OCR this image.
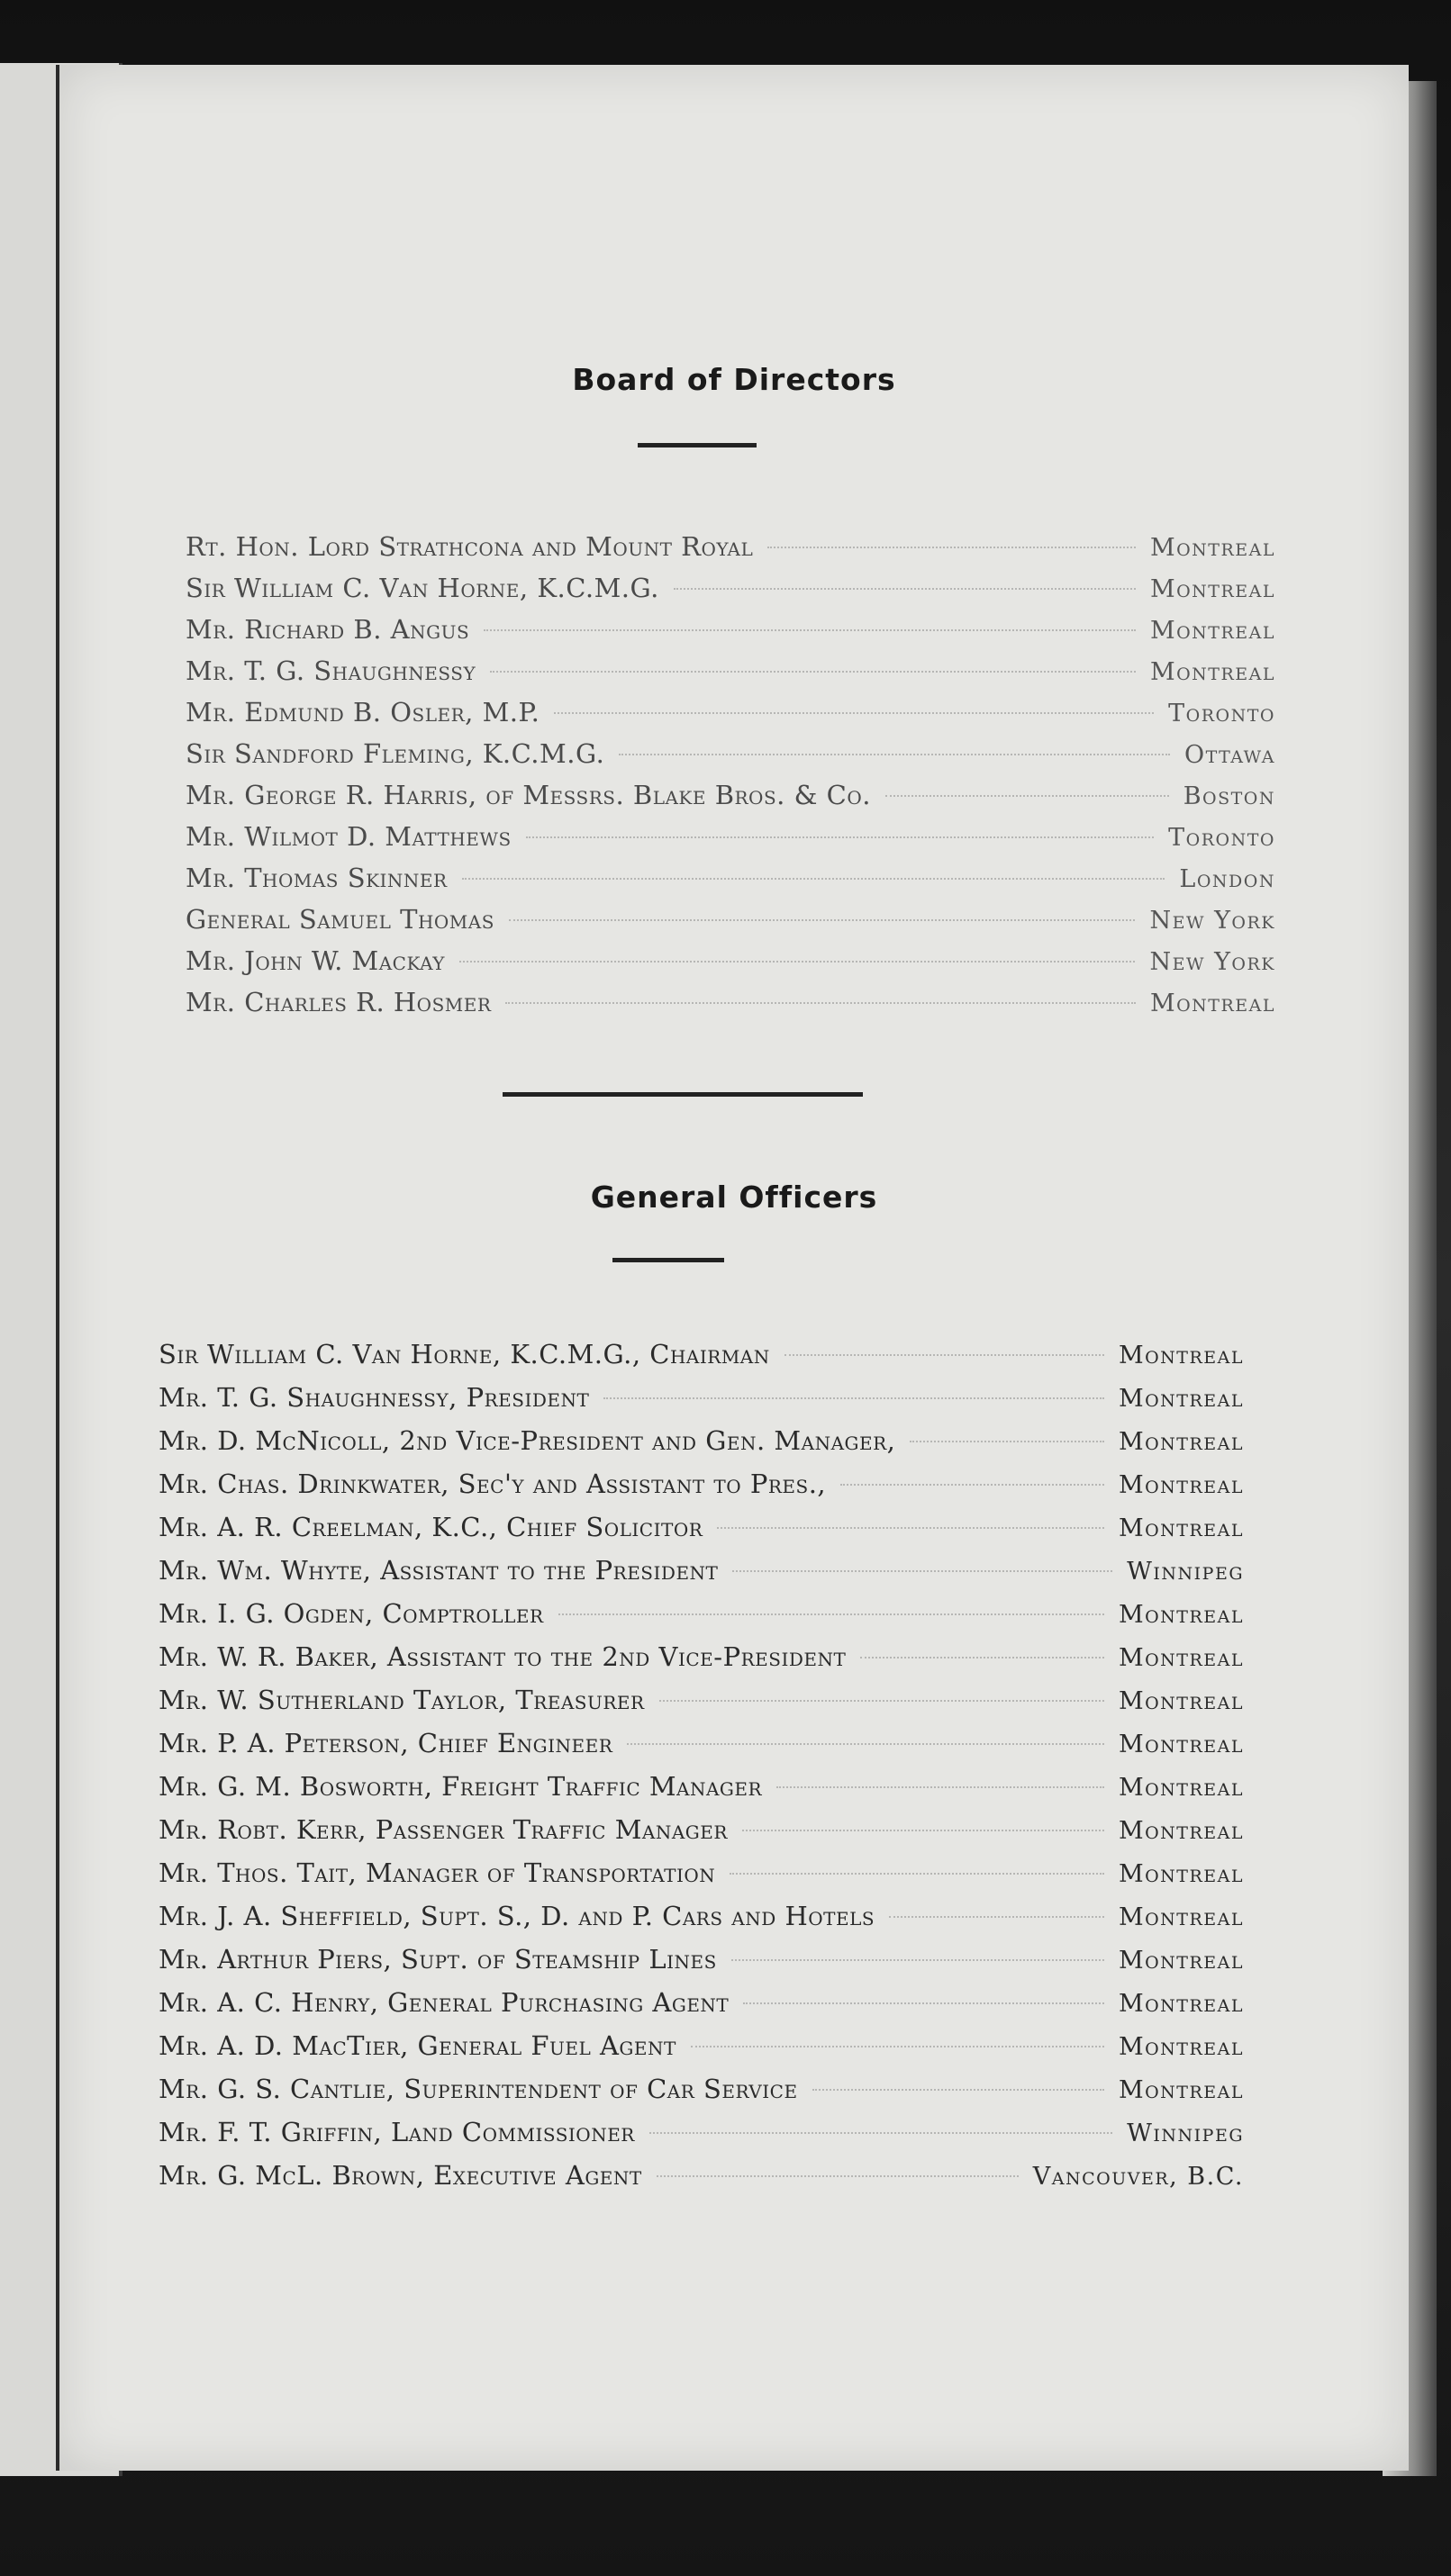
Board of Directors
Rt. Hon. Lord Strathcona and Mount Royal	Montreal
Sir William C. Van Horne, K.C.M.G.	Montreal
Mr. Richard B. Angus	Montreal
Mr. T. G. Shaughnessy	Montreal
Mr. Edmund B. Osler, M.P.	Toronto
Sir Sandford Fleming, K.C.M.G.	Ottawa
Mr. George R. Harris, of Messrs. Blake Bros. & Co.	Boston
Mr. Wilmot D. Matthews	Toronto
Mr. Thomas Skinner	London
General Samuel Thomas	New York
Mr. John W. Mackay	New York
Mr. Charles R. Hosmer	Montreal
General Officers
Sir William C. Van Horne, K.C.M.G., Chairman	Montreal
Mr. T. G. Shaughnessy, President	Montreal
Mr. D. McNicoll, 2nd Vice-President and Gen. Manager,	Montreal
Mr. Chas. Drinkwater, Sec'y and Assistant to Pres.,	Montreal
Mr. A. R. Creelman, K.C., Chief Solicitor	Montreal
Mr. Wm. Whyte, Assistant to the President	Winnipeg
Mr. I. G. Ogden, Comptroller	Montreal
Mr. W. R. Baker, Assistant to the 2nd Vice-President	Montreal
Mr. W. Sutherland Taylor, Treasurer	Montreal
Mr. P. A. Peterson, Chief Engineer	Montreal
Mr. G. M. Bosworth, Freight Traffic Manager	Montreal
Mr. Robt. Kerr, Passenger Traffic Manager	Montreal
Mr. Thos. Tait, Manager of Transportation	Montreal
Mr. J. A. Sheffield, Supt. S., D. and P. Cars and Hotels	Montreal
Mr. Arthur Piers, Supt. of Steamship Lines	Montreal
Mr. A. C. Henry, General Purchasing Agent	Montreal
Mr. A. D. MacTier, General Fuel Agent	Montreal
Mr. G. S. Cantlie, Superintendent of Car Service	Montreal
Mr. F. T. Griffin, Land Commissioner	Winnipeg
Mr. G. McL. Brown, Executive Agent	Vancouver, B.C.
